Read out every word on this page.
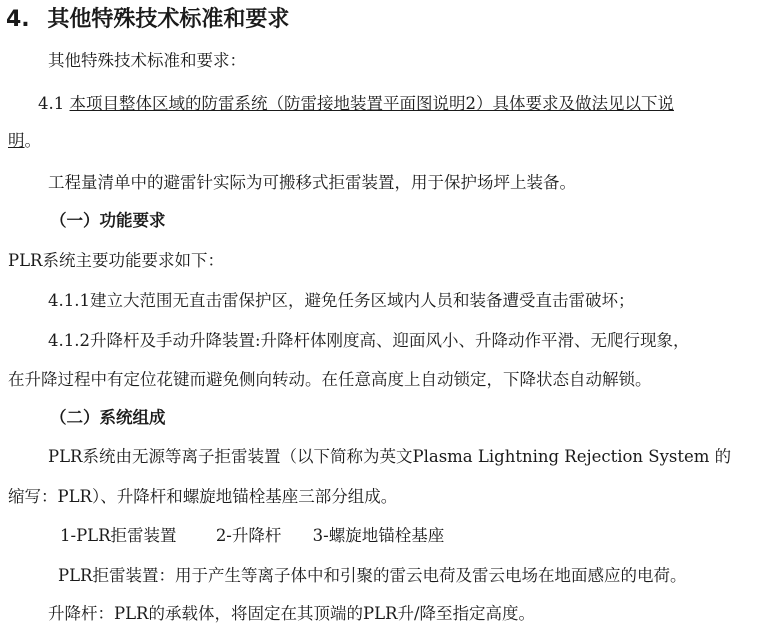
4. 其他特殊技术标准和要求
其他特殊技术标准和要求：
4.1 本项目整体区域的防雷系统（防雷接地装置平面图说明2）具体要求及做法见以下说
明。
工程量清单中的避雷针实际为可搬移式拒雷装置，用于保护场坪上装备。
（一）功能要求
PLR系统主要功能要求如下：
4.1.1建立大范围无直击雷保护区，避免任务区域内人员和装备遭受直击雷破坏；
4.1.2升降杆及手动升降装置:升降杆体刚度高、迎面风小、升降动作平滑、无爬行现象，
在升降过程中有定位花键而避免侧向转动。在任意高度上自动锁定，下降状态自动解锁。
（二）系统组成
PLR系统由无源等离子拒雷装置（以下简称为英文Plasma Lightning Rejection System 的
缩写：PLR）、升降杆和螺旋地锚栓基座三部分组成。
1-PLR拒雷装置 2-升降杆 3-螺旋地锚栓基座
PLR拒雷装置：用于产生等离子体中和引聚的雷云电荷及雷云电场在地面感应的电荷。
升降杆：PLR的承载体，将固定在其顶端的PLR升/降至指定高度。
